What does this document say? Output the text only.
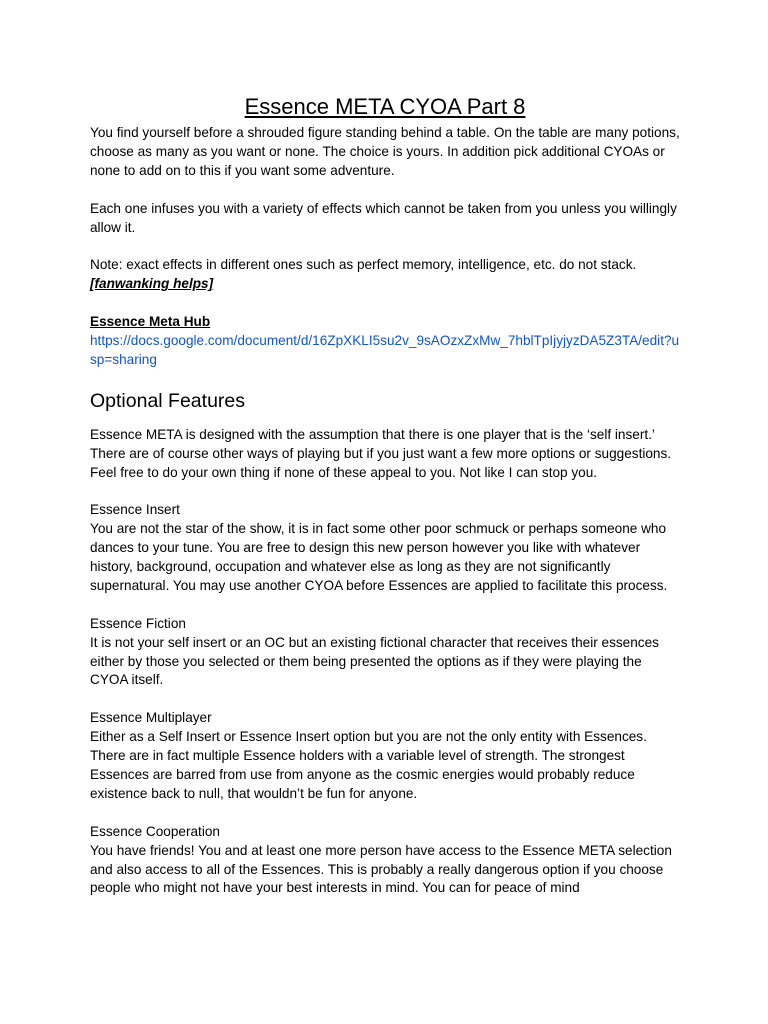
Essence META CYOA Part 8

You find yourself before a shrouded figure standing behind a table. On the table are many potions, choose as many as you want or none. The choice is yours. In addition pick additional CYOAs or none to add on to this if you want some adventure.

Each one infuses you with a variety of effects which cannot be taken from you unless you willingly allow it.

Note: exact effects in different ones such as perfect memory, intelligence, etc. do not stack.

[fanwanking helps]

Essence Meta Hub

https://docs.google.com/document/d/16ZpXKLI5su2v_9sAOzxZxMw_7hblTpIjyjyzDA5Z3TA/edit?usp=sharing

Optional Features

Essence META is designed with the assumption that there is one player that is the ‘self insert.’ There are of course other ways of playing but if you just want a few more options or suggestions. Feel free to do your own thing if none of these appeal to you. Not like I can stop you.

Essence Insert

You are not the star of the show, it is in fact some other poor schmuck or perhaps someone who dances to your tune. You are free to design this new person however you like with whatever history, background, occupation and whatever else as long as they are not significantly supernatural. You may use another CYOA before Essences are applied to facilitate this process.

Essence Fiction

It is not your self insert or an OC but an existing fictional character that receives their essences either by those you selected or them being presented the options as if they were playing the CYOA itself.

Essence Multiplayer

Either as a Self Insert or Essence Insert option but you are not the only entity with Essences. There are in fact multiple Essence holders with a variable level of strength. The strongest Essences are barred from use from anyone as the cosmic energies would probably reduce existence back to null, that wouldn’t be fun for anyone.

Essence Cooperation

You have friends! You and at least one more person have access to the Essence META selection and also access to all of the Essences. This is probably a really dangerous option if you choose people who might not have your best interests in mind. You can for peace of mind
